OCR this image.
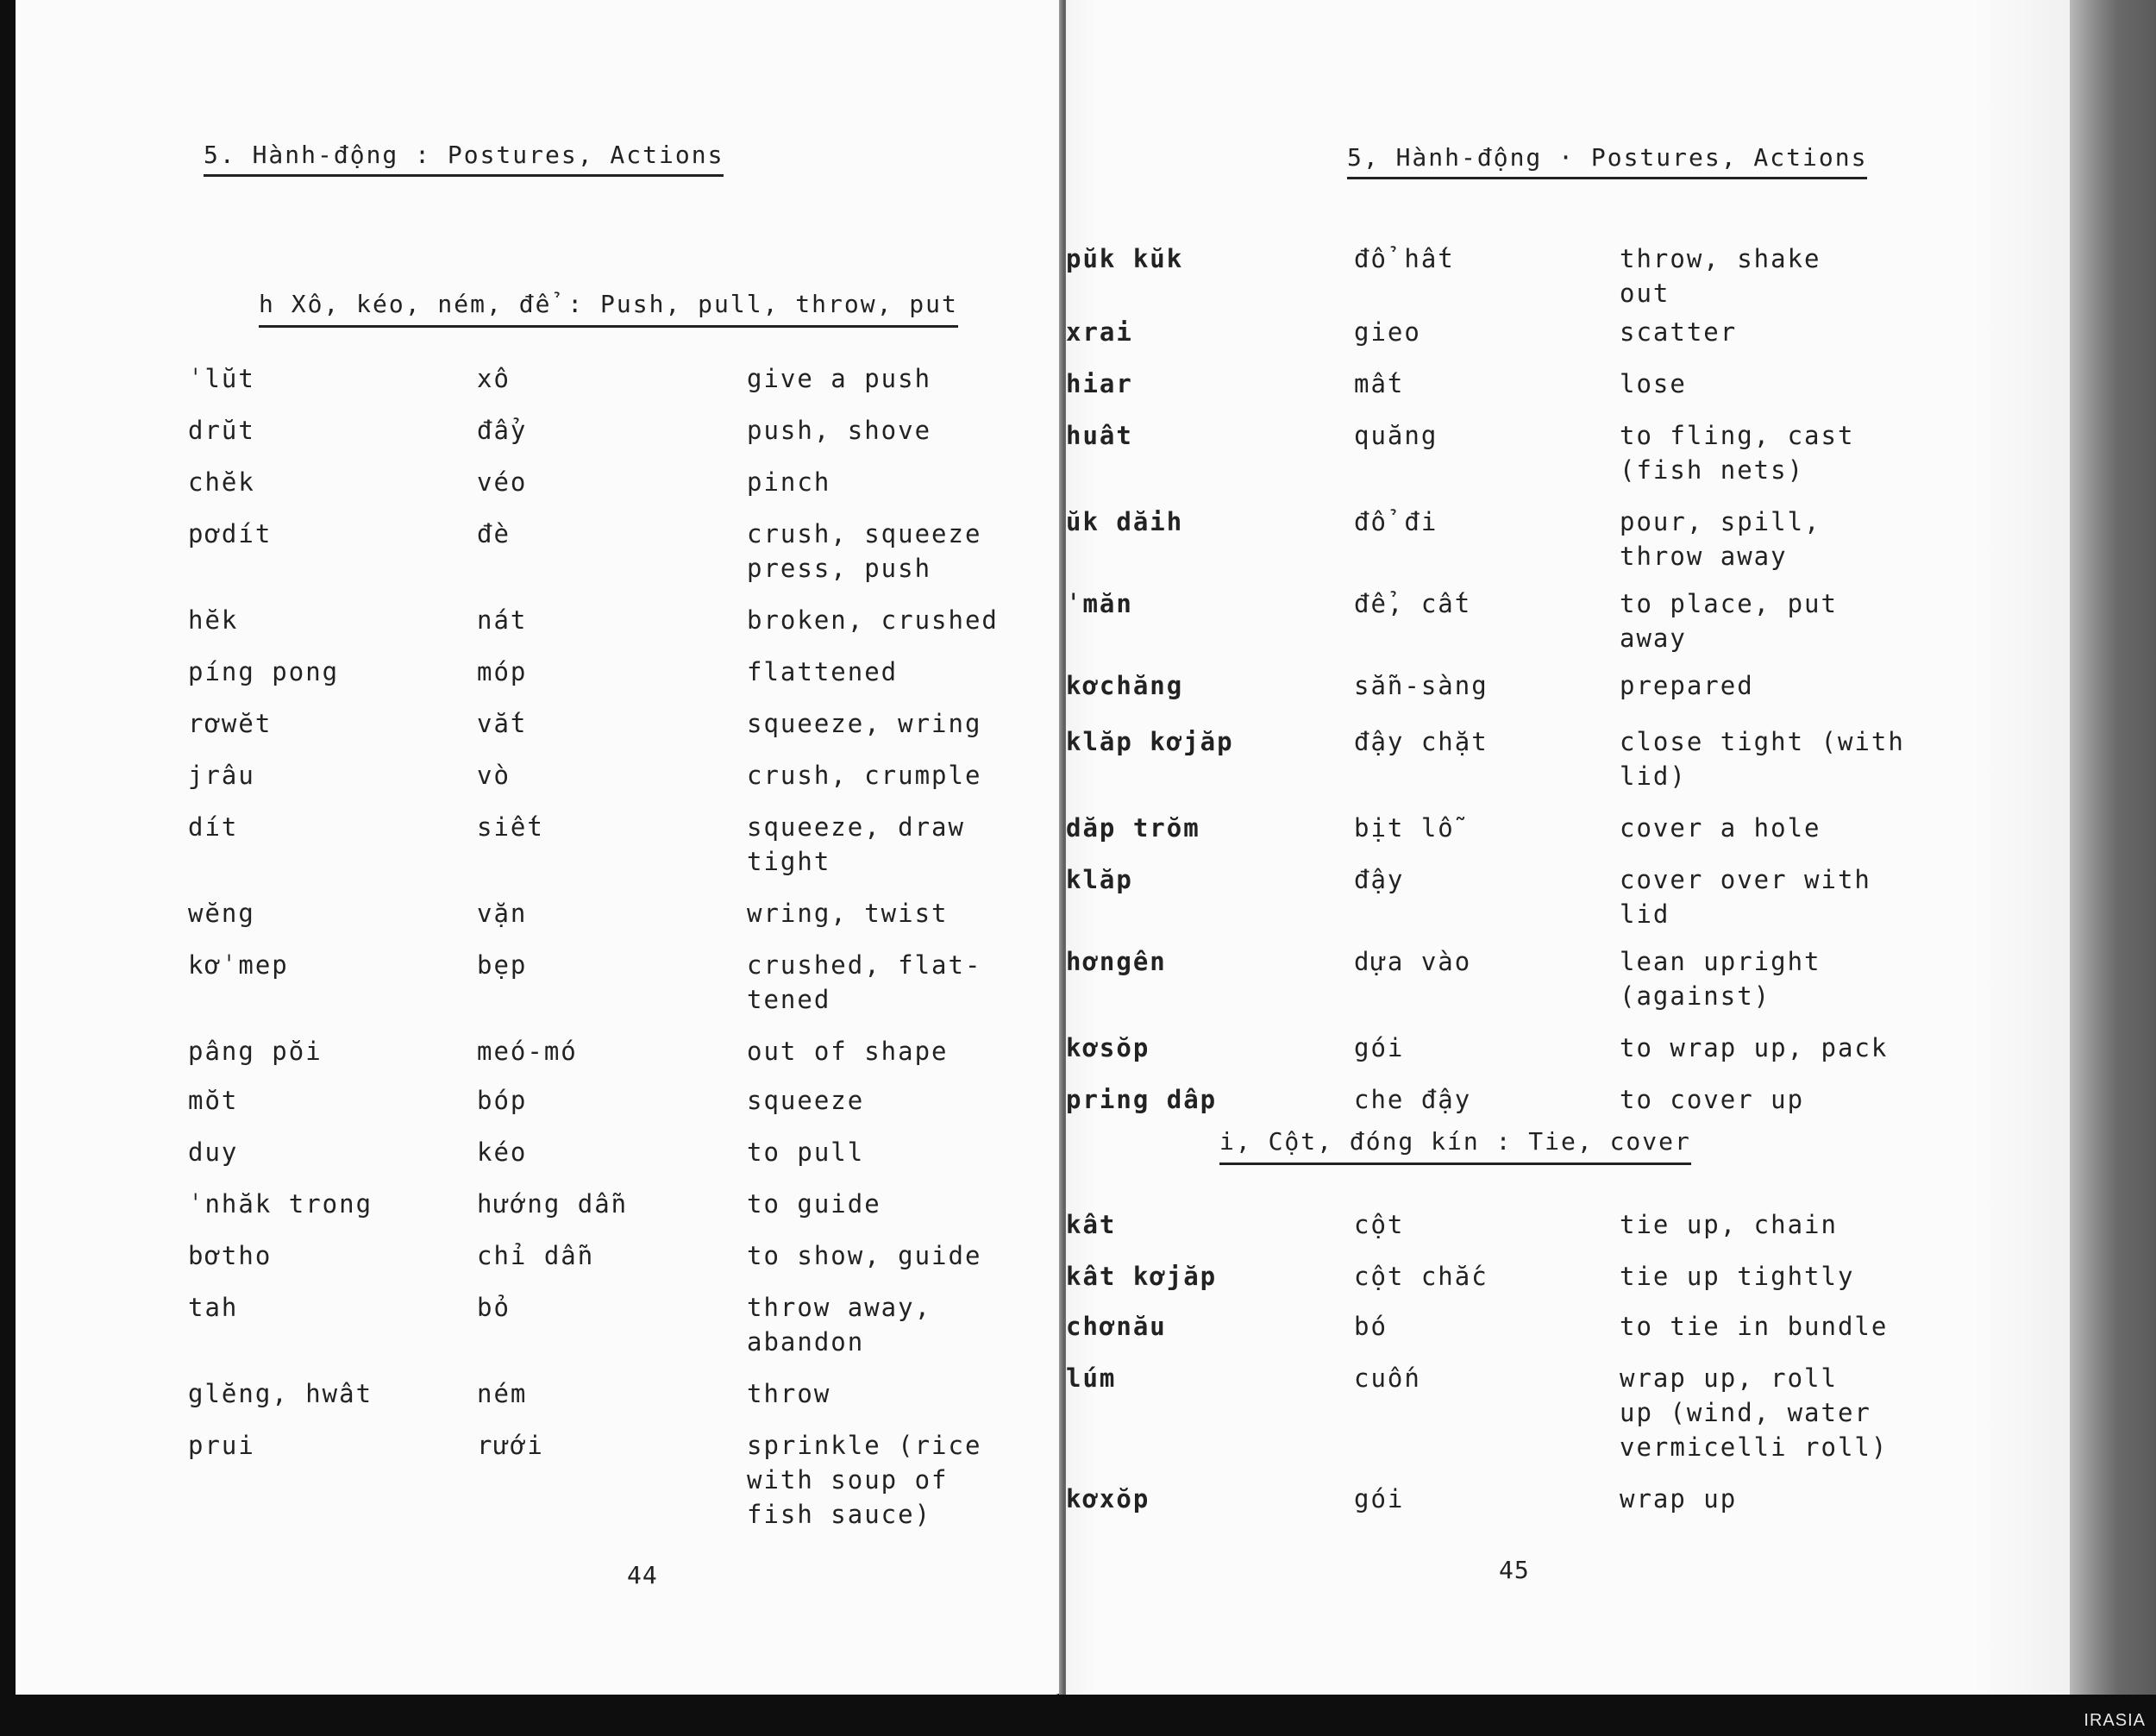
5. Hành-động : Postures, Actions
h Xô, kéo, ném, để : Push, pull, throw, put
ˈlŭt	xô	give a push
drŭt	đẩy	push, shove
chĕk	véo	pinch
pơdít	đè	crush, squeeze
press, push
hĕk	nát	broken, crushed
píng pong	móp	flattened
rơwĕt	vắt	squeeze, wring
jrâu	vò	crush, crumple
dít	siết	squeeze, draw
tight
wĕng	vặn	wring, twist
kơˈmep	bẹp	crushed, flat-
tened
pâng pŏi	meó-mó	out of shape
mŏt	bóp	squeeze
duy	kéo	to pull
ˈnhăk trong	hướng dẫn	to guide
bơtho	chỉ dẫn	to show, guide
tah	bỏ	throw away,
abandon
glĕng, hwât	ném	throw
prui	rưới	sprinkle (rice
with soup of
fish sauce)
44
5, Hành-động · Postures, Actions
pŭk kŭk	đổ hất	throw, shake
out
xrai	gieo	scatter
hiar	mất	lose
huât	quăng	to fling, cast
(fish nets)
ŭk dăih	đổ đi	pour, spill,
throw away
ˈmăn	để, cất	to place, put
away
kơchăng	sẵn-sàng	prepared
klăp kơjăp	đậy chặt	close tight (with
lid)
dăp trŏm	bịt lỗ	cover a hole
klăp	đậy	cover over with
lid
hơngên	dựa vào	lean upright
(against)
kơsŏp	gói	to wrap up, pack
pring dâp	che đậy	to cover up
i, Cột, đóng kín : Tie, cover
kât	cột	tie up, chain
kât kơjăp	cột chắc	tie up tightly
chơnău	bó	to tie in bundle
lúm	cuốn	wrap up, roll
up (wind, water
vermicelli roll)
kơxŏp	gói	wrap up
45
IRASIA
